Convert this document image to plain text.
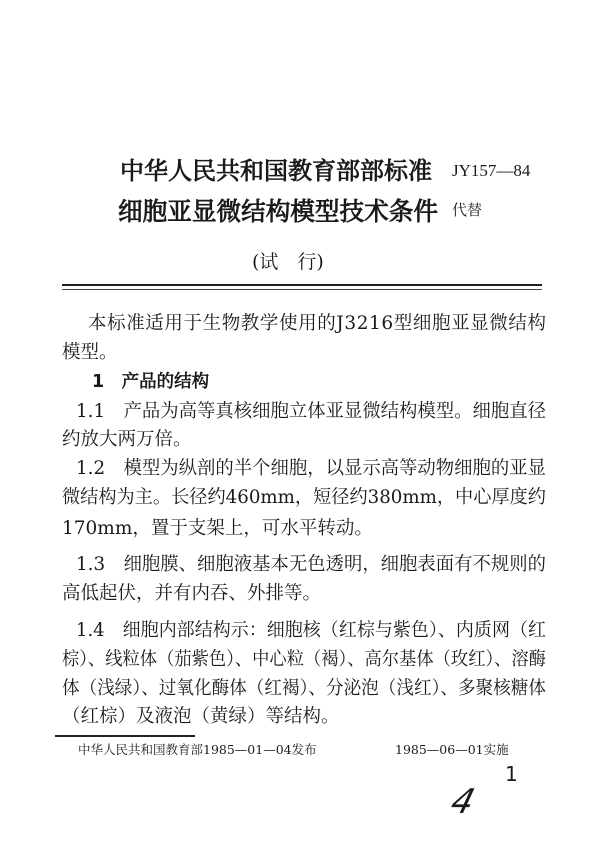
中华人民共和国教育部部标准 JY157—84
细胞亚显微结构模型技术条件 代替
(试　行)
本标准适用于生物教学使用的J3216型细胞亚显微结构
模型。
1　产品的结构
1.1　产品为高等真核细胞立体亚显微结构模型。细胞直径
约放大两万倍。
1.2　模型为纵剖的半个细胞，以显示高等动物细胞的亚显
微结构为主。长径约460mm，短径约380mm，中心厚度约
170mm，置于支架上，可水平转动。
1.3　细胞膜、细胞液基本无色透明，细胞表面有不规则的
高低起伏，并有内吞、外排等。
1.4　细胞内部结构示：细胞核（红棕与紫色）、内质网（红
棕）、线粒体（茄紫色）、中心粒（褐）、高尔基体（玫红）、溶酶
体（浅绿）、过氧化酶体（红褐）、分泌泡（浅红）、多聚核糖体
（红棕）及液泡（黄绿）等结构。
中华人民共和国教育部1985—01—04发布	1985—06—01实施
1
4
